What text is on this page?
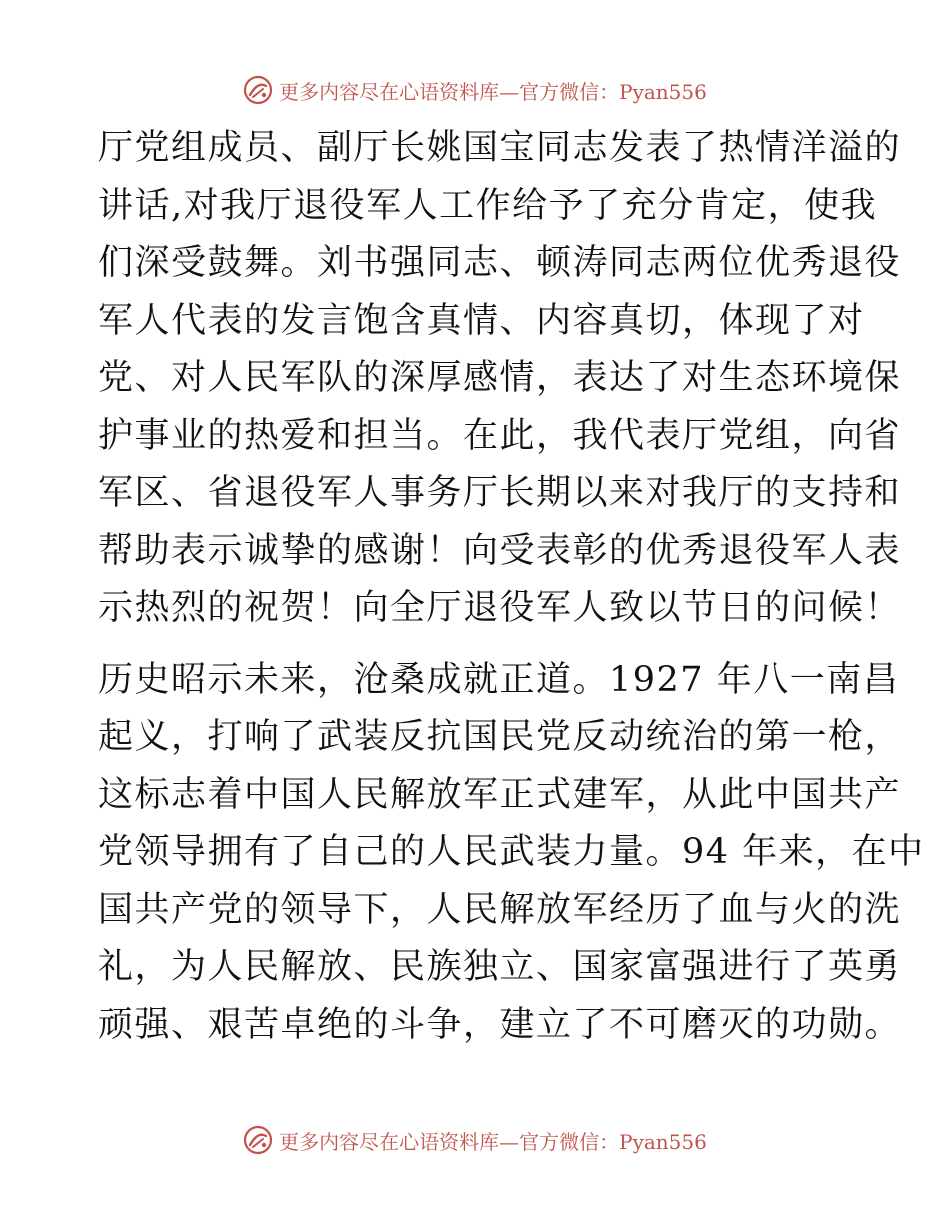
更多内容尽在心语资料库—官方微信：Pyan556
厅党组成员、副厅长姚国宝同志发表了热情洋溢的
讲话,对我厅退役军人工作给予了充分肯定，使我
们深受鼓舞。刘书强同志、顿涛同志两位优秀退役
军人代表的发言饱含真情、内容真切，体现了对
党、对人民军队的深厚感情，表达了对生态环境保
护事业的热爱和担当。在此，我代表厅党组，向省
军区、省退役军人事务厅长期以来对我厅的支持和
帮助表示诚挚的感谢！向受表彰的优秀退役军人表
示热烈的祝贺！向全厅退役军人致以节日的问候！
历史昭示未来，沧桑成就正道。1927 年八一南昌
起义，打响了武装反抗国民党反动统治的第一枪，
这标志着中国人民解放军正式建军，从此中国共产
党领导拥有了自己的人民武装力量。94 年来，在中
国共产党的领导下，人民解放军经历了血与火的洗
礼，为人民解放、民族独立、国家富强进行了英勇
顽强、艰苦卓绝的斗争，建立了不可磨灭的功勋。
更多内容尽在心语资料库—官方微信：Pyan556
